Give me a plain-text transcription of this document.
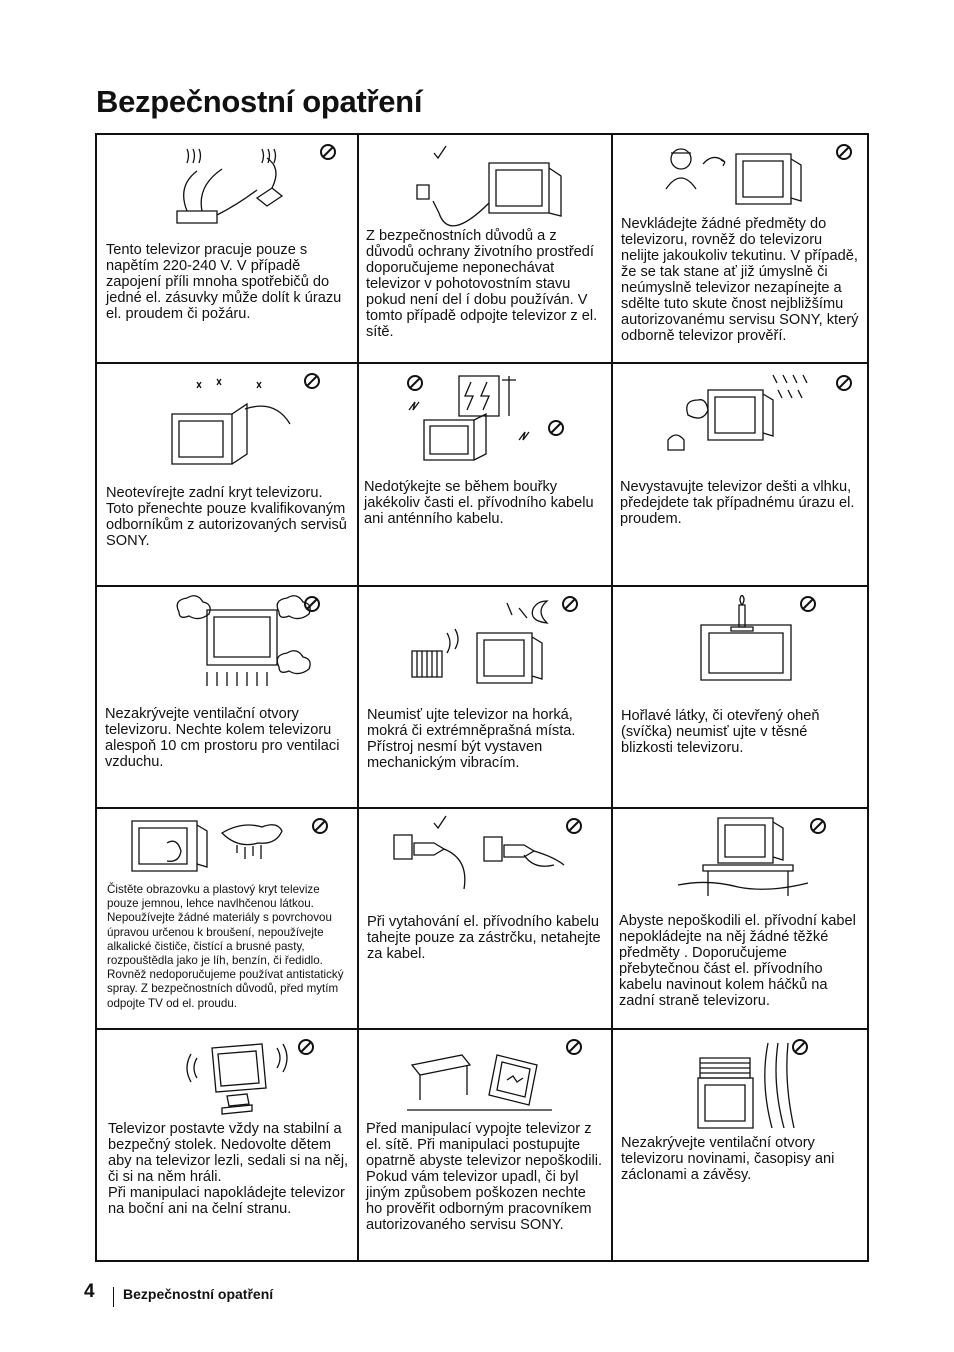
Bezpečnostní opatření
Tento televizor pracuje pouze s napětím 220-240 V. V případě zapojení příli mnoha spotřebičů do jedné el. zásuvky může dolít k úrazu el. proudem či požáru.
Z bezpečnostních důvodů a z důvodů ochrany životního prostředí doporučujeme neponechávat televizor v pohotovostním stavu pokud není del í dobu používán. V tomto případě odpojte televizor z el. sítě.
Nevkládejte žádné předměty do televizoru, rovněž do televizoru nelijte jakoukoliv tekutinu. V případě, že se tak stane ať již úmyslně či neúmyslně televizor nezapínejte a sdělte tuto skute čnost nejbližšímu autorizovanému servisu SONY, který odborně televizor prověří.
Neotevírejte zadní kryt televizoru. Toto přenechte pouze kvalifikovaným odborníkům z autorizovaných servisů SONY.
Nedotýkejte se během bouřky jakékoliv časti el. přívodního kabelu ani anténního kabelu.
Nevystavujte televizor dešti a vlhku, předejdete tak případnému úrazu el. proudem.
Nezakrývejte ventilační otvory televizoru. Nechte kolem televizoru alespoň 10 cm prostoru pro ventilaci vzduchu.
Neumisť ujte televizor na horká, mokrá či extrémněprašná místa. Přístroj nesmí být vystaven mechanickým vibracím.
Hořlavé látky, či otevřený oheň (svíčka) neumisť ujte v těsné blizkosti televizoru.
Čistěte obrazovku a plastový kryt televize pouze jemnou, lehce navlhčenou látkou. Nepoužívejte žádné materiály s povrchovou úpravou určenou k broušení, nepoužívejte alkalické čističe, čistící a brusné pasty, rozpouštědla jako je líh, benzín, či ředidlo. Rovněž nedoporučujeme používat antistatický spray. Z bezpečnostních důvodů, před mytím odpojte TV od el. proudu.
Při vytahování el. přívodního kabelu tahejte pouze za zástrčku, netahejte za kabel.
Abyste nepoškodili el. přívodní kabel nepokládejte na něj žádné těžké předměty . Doporučujeme přebytečnou část el. přívodního kabelu navinout kolem háčků na zadní straně televizoru.
Televizor postavte vždy na stabilní a bezpečný stolek. Nedovolte dětem aby na televizor lezli, sedali si na něj, či si na něm hráli.
Při manipulaci napokládejte televizor na boční ani na čelní stranu.
Před manipulací vypojte televizor z el. sítě. Při manipulaci postupujte opatrně abyste televizor nepoškodili. Pokud vám televizor upadl, či byl jiným způsobem poškozen nechte ho prověřit odborným pracovníkem autorizovaného servisu SONY.
Nezakrývejte ventilační otvory televizoru novinami, časopisy ani záclonami a závěsy.
4 Bezpečnostní opatření
